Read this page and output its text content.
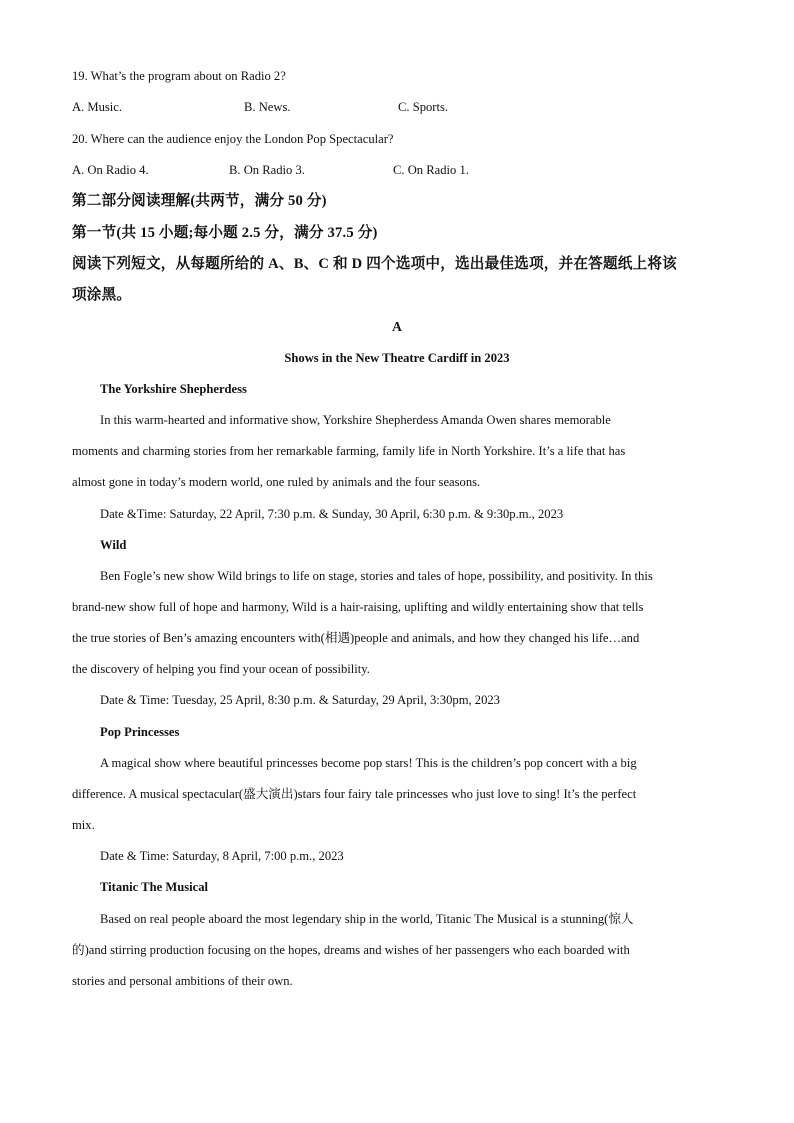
19. What’s the program about on Radio 2?
A. Music.	B. News.	C. Sports.
20. Where can the audience enjoy the London Pop Spectacular?
A. On Radio 4.	B. On Radio 3.	C. On Radio 1.
第二部分阅读理解(共两节，满分 50 分)
第一节(共 15 小题;每小题 2.5 分，满分 37.5 分)
阅读下列短文，从每题所给的 A、B、C 和 D 四个选项中，选出最佳选项，并在答题纸上将该
项涂黑。
A
Shows in the New Theatre Cardiff in 2023
The Yorkshire Shepherdess
In this warm-hearted and informative show, Yorkshire Shepherdess Amanda Owen shares memorable
moments and charming stories from her remarkable farming, family life in North Yorkshire. It’s a life that has
almost gone in today’s modern world, one ruled by animals and the four seasons.
Date &Time: Saturday, 22 April, 7:30 p.m. & Sunday, 30 April, 6:30 p.m. & 9:30p.m., 2023
Wild
Ben Fogle’s new show Wild brings to life on stage, stories and tales of hope, possibility, and positivity. In this
brand-new show full of hope and harmony, Wild is a hair-raising, uplifting and wildly entertaining show that tells
the true stories of Ben’s amazing encounters with(相遇)people and animals, and how they changed his life…and
the discovery of helping you find your ocean of possibility.
Date & Time: Tuesday, 25 April, 8:30 p.m. & Saturday, 29 April, 3:30pm, 2023
Pop Princesses
A magical show where beautiful princesses become pop stars! This is the children’s pop concert with a big
difference. A musical spectacular(盛大演出)stars four fairy tale princesses who just love to sing! It’s the perfect
mix.
Date & Time: Saturday, 8 April, 7:00 p.m., 2023
Titanic The Musical
Based on real people aboard the most legendary ship in the world, Titanic The Musical is a stunning(惊人
的)and stirring production focusing on the hopes, dreams and wishes of her passengers who each boarded with
stories and personal ambitions of their own.
